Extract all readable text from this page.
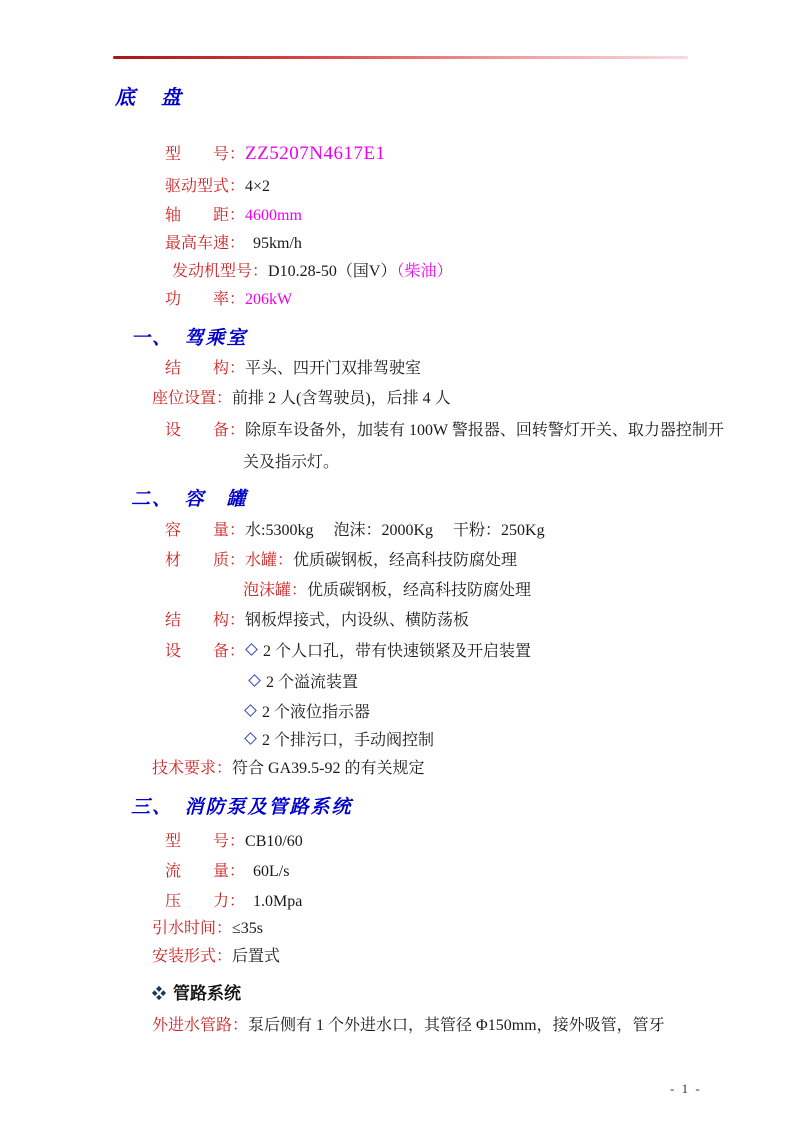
底　盘
型　　号：ZZ5207N4617E1
驱动型式：4×2
轴　　距：4600mm
最高车速：  95km/h
发动机型号：D10.28-50（国V）（柴油）
功　　率：206kW
一、　驾乘室
结　　构：平头、四开门双排驾驶室
座位设置：前排 2 人(含驾驶员)，后排 4 人
设　　备：除原车设备外，加装有 100W 警报器、回转警灯开关、取力器控制开
关及指示灯。
二、　容　罐
容　　量：水:5300kg　 泡沫：2000Kg　 干粉：250Kg
材　　质：水罐：优质碳钢板，经高科技防腐处理
泡沫罐：优质碳钢板，经高科技防腐处理
结　　构：钢板焊接式，内设纵、横防荡板
设　　备： 2 个人口孔，带有快速锁紧及开启装置
2 个溢流装置
2 个液位指示器
2 个排污口，手动阀控制
技术要求：符合 GA39.5-92 的有关规定
三、　消防泵及管路系统
型　　号：CB10/60
流　　量：  60L/s
压　　力：  1.0Mpa
引水时间：≤35s
安装形式：后置式
管路系统
外进水管路：泵后侧有 1 个外进水口，其管径 Φ150mm，接外吸管，管牙
- 1 -
